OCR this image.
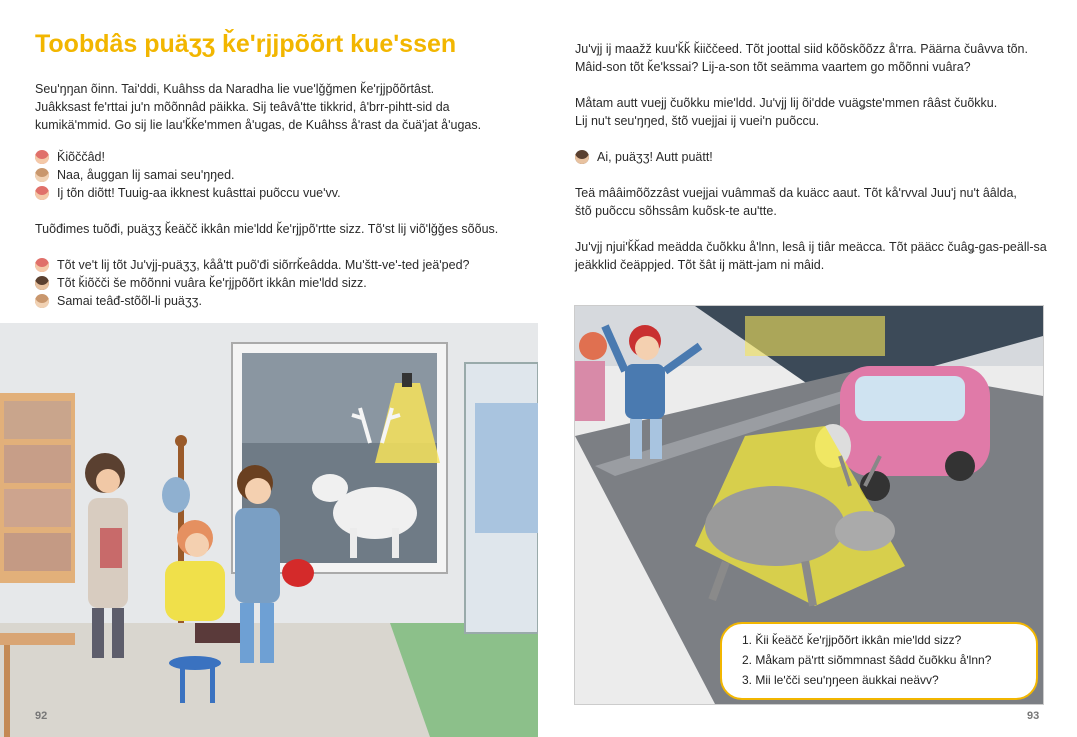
Toobdâs puäʒʒ ǩeʹrjjpõõrt kueʹssen
Seuʹŋŋan õinn. Taiʹddi, Kuâhss da Naradha lie vueʹlǧǧmen ǩeʹrjjpõõrtâst.
Juâkksast feʹrttai juʹn mõõnnâd päikka. Sij teâvâʹtte tikkrid, âʹbrr-pihtt-sid da
kumikäʹmmid. Go sij lie lauʹǩǩeʹmmen åʹugas, de Kuâhss åʹrast da čuäʹjat åʹugas.
Ǩiõččâd!
Naa, åuggan lij samai seuʹŋŋed.
Ij tõn diõtt! Tuuig-aa ikknest kuâsttai puõccu vueʹvv.
Tuõđimes tuõđi, puäʒʒ ǩeäčč ikkân mieʹldd ǩeʹrjjpõʹrtte sizz. Tõʹst lij viõʹlǧǧes sõõus.
Tõt veʹt lij tõt Juʹvjj-puäʒʒ, kåå'tt puõʹđi siõrrǩeâdda. Muʹštt-veʹ-ted jeäʹped?
Tõt ǩiõčči še mõõnni vuâra ǩeʹrjjpõõrt ikkân mieʹldd sizz.
Samai teâđ-stõõl-li puäʒʒ.
92
Juʹvjj ij maažž kuuʹǩǩ ǩiiččeed. Tõt joottal siid kõõskõõzz åʹrra. Päärna čuâvva tõn.
Mâid-son tõt ǩeʹkssai? Lij-a-son tõt seämma vaartem go mõõnni vuâra?
Måtam autt vuejj čuõkku mieʹldd. Juʹvjj lij õiʹdde vuäǥsteʹmmen rââst čuõkku.
Lij nuʹt seuʹŋŋed, štõ vuejjai ij vueiʹn puõccu.
Ai, puäʒʒ! Autt puätt!
Teä mââimõõzzâst vuejjai vuâmmaš da kuäcc aaut. Tõt kåʹrvval Juuʹj nuʹt ââlda,
štõ puõccu sõhssâm kuõsk-te auʹtte.
Juʹvjj njuiʹǩǩad meädda čuõkku åʹlnn, lesâ ij tiâr meäcca. Tõt pääcc čuâǥ-gas-peäll-sa
jeäkklid čeäppjed. Tõt šât ij mätt-jam ni mâid.
1. Ǩii ǩeäčč ǩeʹrjjpõõrt ikkân mieʹldd sizz?
2. Måkam päʹrtt siõmmnast šâdd čuõkku åʹlnn?
3. Mii leʹčči seuʹŋŋeen äukkai neävv?
93
